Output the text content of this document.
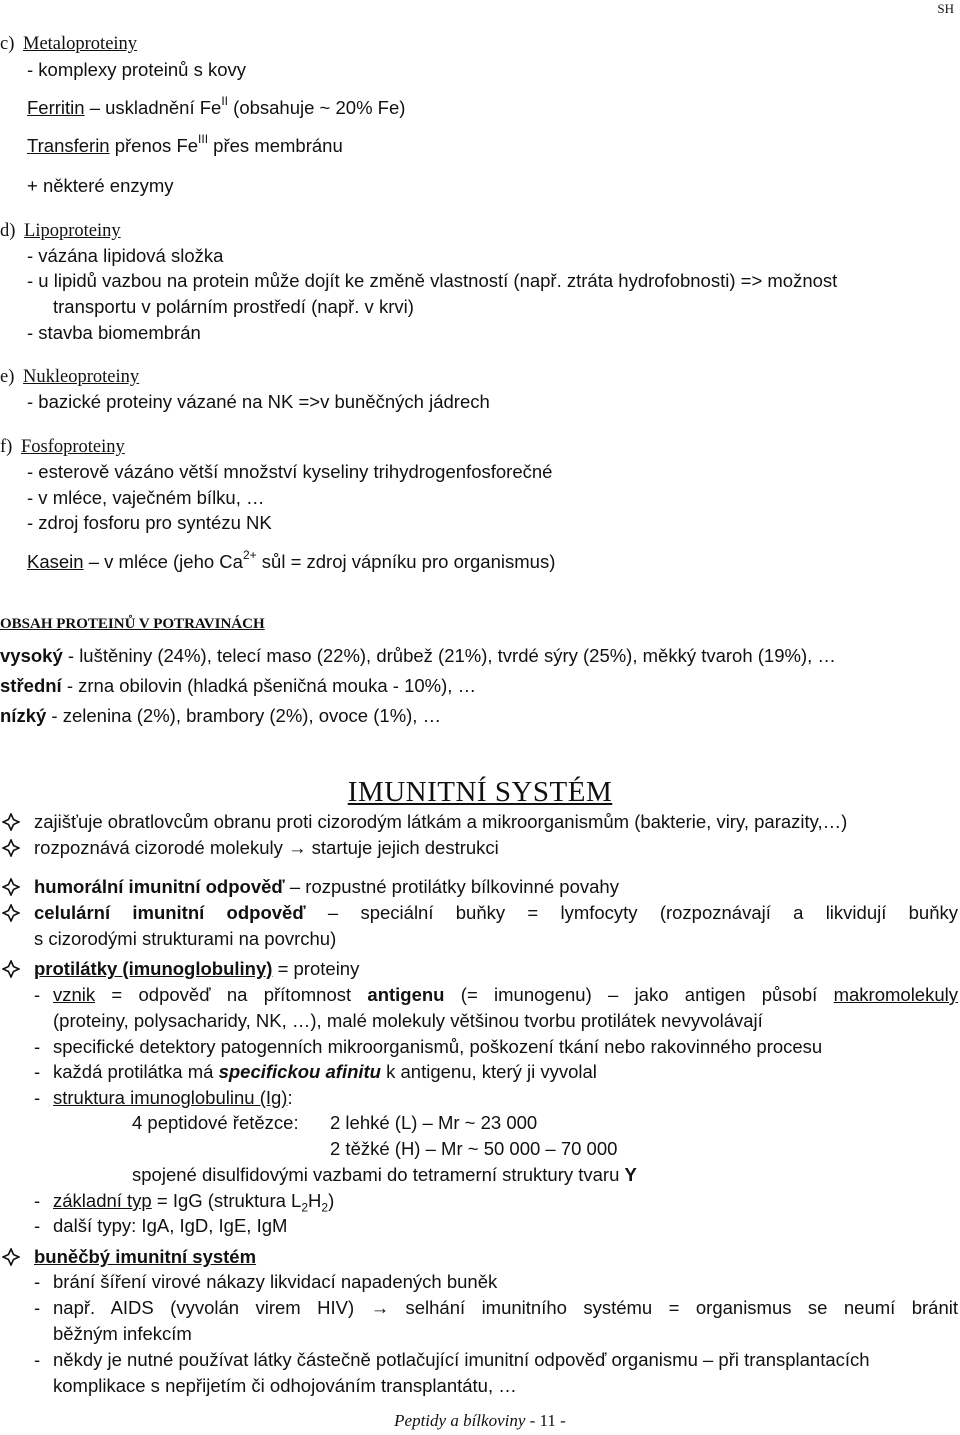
SH
c) Metaloproteiny
- komplexy proteinů s kovy
Ferritin – uskladnění $Fe^{II}$ (obsahuje ~ 20% Fe)
Transferin přenos $Fe^{III}$ přes membránu
+ některé enzymy
d) Lipoproteiny
- vázána lipidová složka
- u lipidů vazbou na protein může dojít ke změně vlastností (např. ztráta hydrofobnosti) => možnost
transportu v polárním prostředí (např. v krvi)
- stavba biomembrán
e) Nukleoproteiny
- bazické proteiny vázané na NK =>v buněčných jádrech
f) Fosfoproteiny
- esterově vázáno větší množství kyseliny trihydrogenfosforečné
- v mléce, vaječném bílku, …
- zdroj fosforu pro syntézu NK
Kasein – v mléce (jeho $Ca^{2+}$ sůl = zdroj vápníku pro organismus)
OBSAH PROTEINŮ V POTRAVINÁCH
vysoký - luštěniny (24%), telecí maso (22%), drůbež (21%), tvrdé sýry (25%), měkký tvaroh (19%), …
střední - zrna obilovin (hladká pšeničná mouka - 10%), …
nízký - zelenina (2%), brambory (2%), ovoce (1%), …
IMUNITNÍ SYSTÉM
zajišťuje obratlovcům obranu proti cizorodým látkám a mikroorganismům (bakterie, viry, parazity,…)
rozpoznává cizorodé molekuly → startuje jejich destrukci
humorální imunitní odpověď – rozpustné protilátky bílkovinné povahy
celulární imunitní odpověď – speciální buňky = lymfocyty (rozpoznávají a likvidují buňky
s cizorodými strukturami na povrchu)
protilátky (imunoglobuliny) = proteiny
- vznik = odpověď na přítomnost antigenu (= imunogenu) – jako antigen působí makromolekuly
(proteiny, polysacharidy, NK, …), malé molekuly většinou tvorbu protilátek nevyvolávají
- specifické detektory patogenních mikroorganismů, poškození tkání nebo rakovinného procesu
- každá protilátka má specifickou afinitu k antigenu, který ji vyvolal
- struktura imunoglobulinu (Ig):
4 peptidové řetězce: 2 lehké (L) – Mr ~ 23 000
2 těžké (H) – Mr ~ 50 000 – 70 000
spojené disulfidovými vazbami do tetramerní struktury tvaru Y
- základní typ = IgG (struktura $L_2H_2$)
- další typy: IgA, IgD, IgE, IgM
buněčbý imunitní systém
- brání šíření virové nákazy likvidací napadených buněk
- např. AIDS (vyvolán virem HIV) → selhání imunitního systému = organismus se neumí bránit
běžným infekcím
- někdy je nutné používat látky částečně potlačující imunitní odpověď organismu – při transplantacích
komplikace s nepřijetím či odhojováním transplantátu, …
Peptidy a bílkoviny - 11 -
